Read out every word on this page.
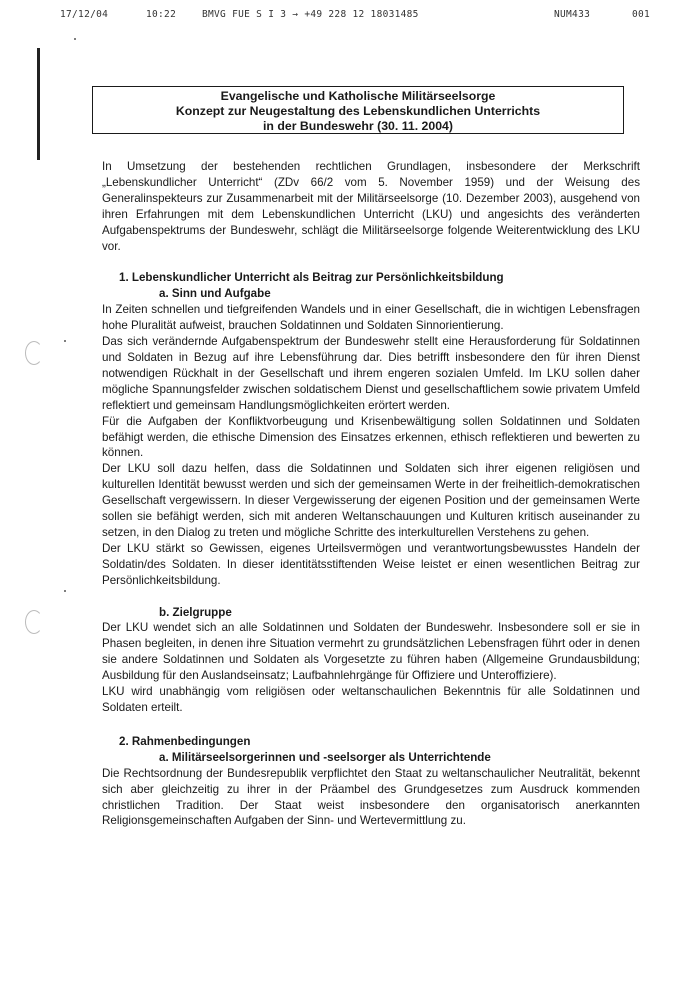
17/12/04	10:22	BMVG FUE S I 3 → +49 228 12 18031485	NUM433	001
Evangelische und Katholische Militärseelsorge
Konzept zur Neugestaltung des Lebenskundlichen Unterrichts
in der Bundeswehr (30. 11. 2004)

In Umsetzung der bestehenden rechtlichen Grundlagen, insbesondere der Merkschrift „Lebenskundlicher Unterricht“ (ZDv 66/2 vom 5. November 1959) und der Weisung des Generalinspekteurs zur Zusammenarbeit mit der Militärseelsorge (10. Dezember 2003), ausgehend von ihren Erfahrungen mit dem Lebenskundlichen Unterricht (LKU) und angesichts des veränderten Aufgabenspektrums der Bundeswehr, schlägt die Militärseelsorge folgende Weiterentwicklung des LKU vor.

1. Lebenskundlicher Unterricht als Beitrag zur Persönlichkeitsbildung
a. Sinn und Aufgabe

In Zeiten schnellen und tiefgreifenden Wandels und in einer Gesellschaft, die in wichtigen Lebensfragen hohe Pluralität aufweist, brauchen Soldatinnen und Soldaten Sinnorientierung.

Das sich verändernde Aufgabenspektrum der Bundeswehr stellt eine Herausforderung für Soldatinnen und Soldaten in Bezug auf ihre Lebensführung dar. Dies betrifft insbesondere den für ihren Dienst notwendigen Rückhalt in der Gesellschaft und ihrem engeren sozialen Umfeld. Im LKU sollen daher mögliche Spannungsfelder zwischen soldatischem Dienst und gesellschaftlichem sowie privatem Umfeld reflektiert und gemeinsam Handlungsmöglichkeiten erörtert werden.

Für die Aufgaben der Konfliktvorbeugung und Krisenbewältigung sollen Soldatinnen und Soldaten befähigt werden, die ethische Dimension des Einsatzes erkennen, ethisch reflektieren und bewerten zu können.

Der LKU soll dazu helfen, dass die Soldatinnen und Soldaten sich ihrer eigenen religiösen und kulturellen Identität bewusst werden und sich der gemeinsamen Werte in der freiheitlich-demokratischen Gesellschaft vergewissern. In dieser Vergewisserung der eigenen Position und der gemeinsamen Werte sollen sie befähigt werden, sich mit anderen Weltanschauungen und Kulturen kritisch auseinander zu setzen, in den Dialog zu treten und mögliche Schritte des interkulturellen Verstehens zu gehen.

Der LKU stärkt so Gewissen, eigenes Urteilsvermögen und verantwortungsbewusstes Handeln der Soldatin/des Soldaten. In dieser identitätsstiftenden Weise leistet er einen wesentlichen Beitrag zur Persönlichkeitsbildung.

b. Zielgruppe

Der LKU wendet sich an alle Soldatinnen und Soldaten der Bundeswehr. Insbesondere soll er sie in Phasen begleiten, in denen ihre Situation vermehrt zu grundsätzlichen Lebensfragen führt oder in denen sie andere Soldatinnen und Soldaten als Vorgesetzte zu führen haben (Allgemeine Grundausbildung; Ausbildung für den Auslandseinsatz; Laufbahnlehrgänge für Offiziere und Unteroffiziere).

LKU wird unabhängig vom religiösen oder weltanschaulichen Bekenntnis für alle Soldatinnen und Soldaten erteilt.

2. Rahmenbedingungen
a. Militärseelsorgerinnen und -seelsorger als Unterrichtende

Die Rechtsordnung der Bundesrepublik verpflichtet den Staat zu weltanschaulicher Neutralität, bekennt sich aber gleichzeitig zu ihrer in der Präambel des Grundgesetzes zum Ausdruck kommenden christlichen Tradition. Der Staat weist insbesondere den organisatorisch anerkannten Religionsgemeinschaften Aufgaben der Sinn- und Wertevermittlung zu.
